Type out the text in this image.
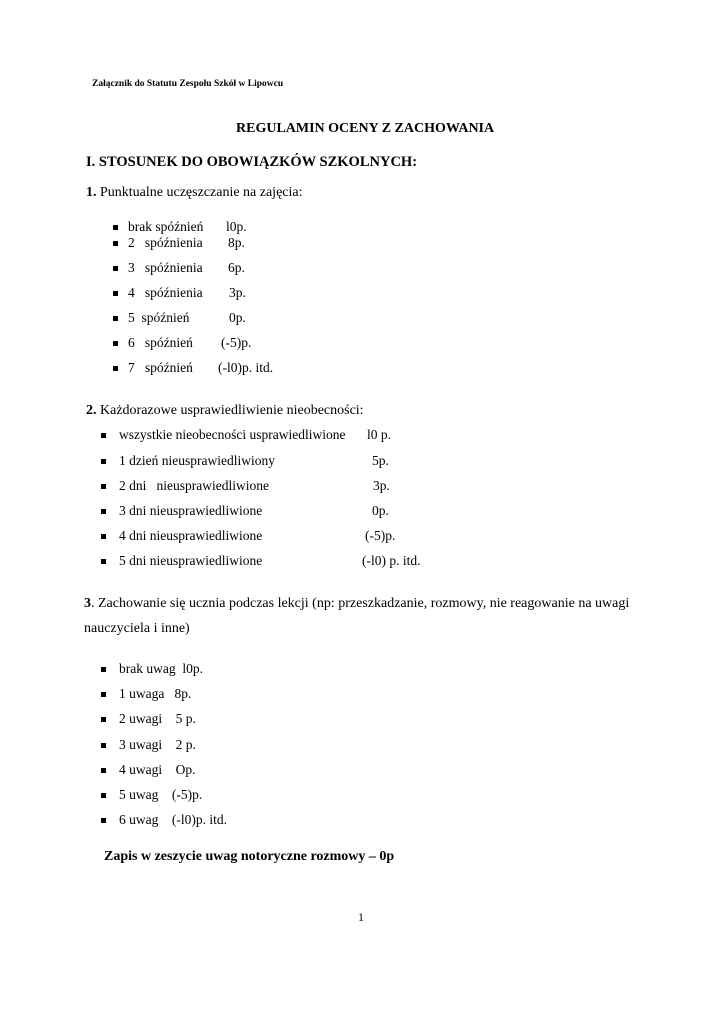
Załącznik do Statutu Zespołu Szkół w Lipowcu
REGULAMIN OCENY Z ZACHOWANIA
I. STOSUNEK DO OBOWIĄZKÓW SZKOLNYCH:
1. Punktualne uczęszczanie na zajęcia:
brak spóźnień l0p.
2   spóźnienia 8p.
3   spóźnienia 6p.
4   spóźnienia 3p.
5  spóźnień	0p.
6   spóźnień (-5)p.
7   spóźnień (-l0)p. itd.
2. Każdorazowe usprawiedliwienie nieobecności:
wszystkie nieobecności usprawiedliwione l0 p.
1 dzień nieusprawiedliwiony	5p.
2 dni   nieusprawiedliwione	3p.
3 dni nieusprawiedliwione	0p.
4 dni nieusprawiedliwione	(-5)p.
5 dni nieusprawiedliwione	(-l0) p. itd.
3. Zachowanie się ucznia podczas lekcji (np: przeszkadzanie, rozmowy, nie reagowanie na uwagi
nauczyciela i inne)
brak uwag  l0p.
1 uwaga   8p.
2 uwagi    5 p.
3 uwagi    2 p.
4 uwagi    Op.
5 uwag    (-5)p.
6 uwag    (-l0)p. itd.
Zapis w zeszycie uwag notoryczne rozmowy – 0p
1
